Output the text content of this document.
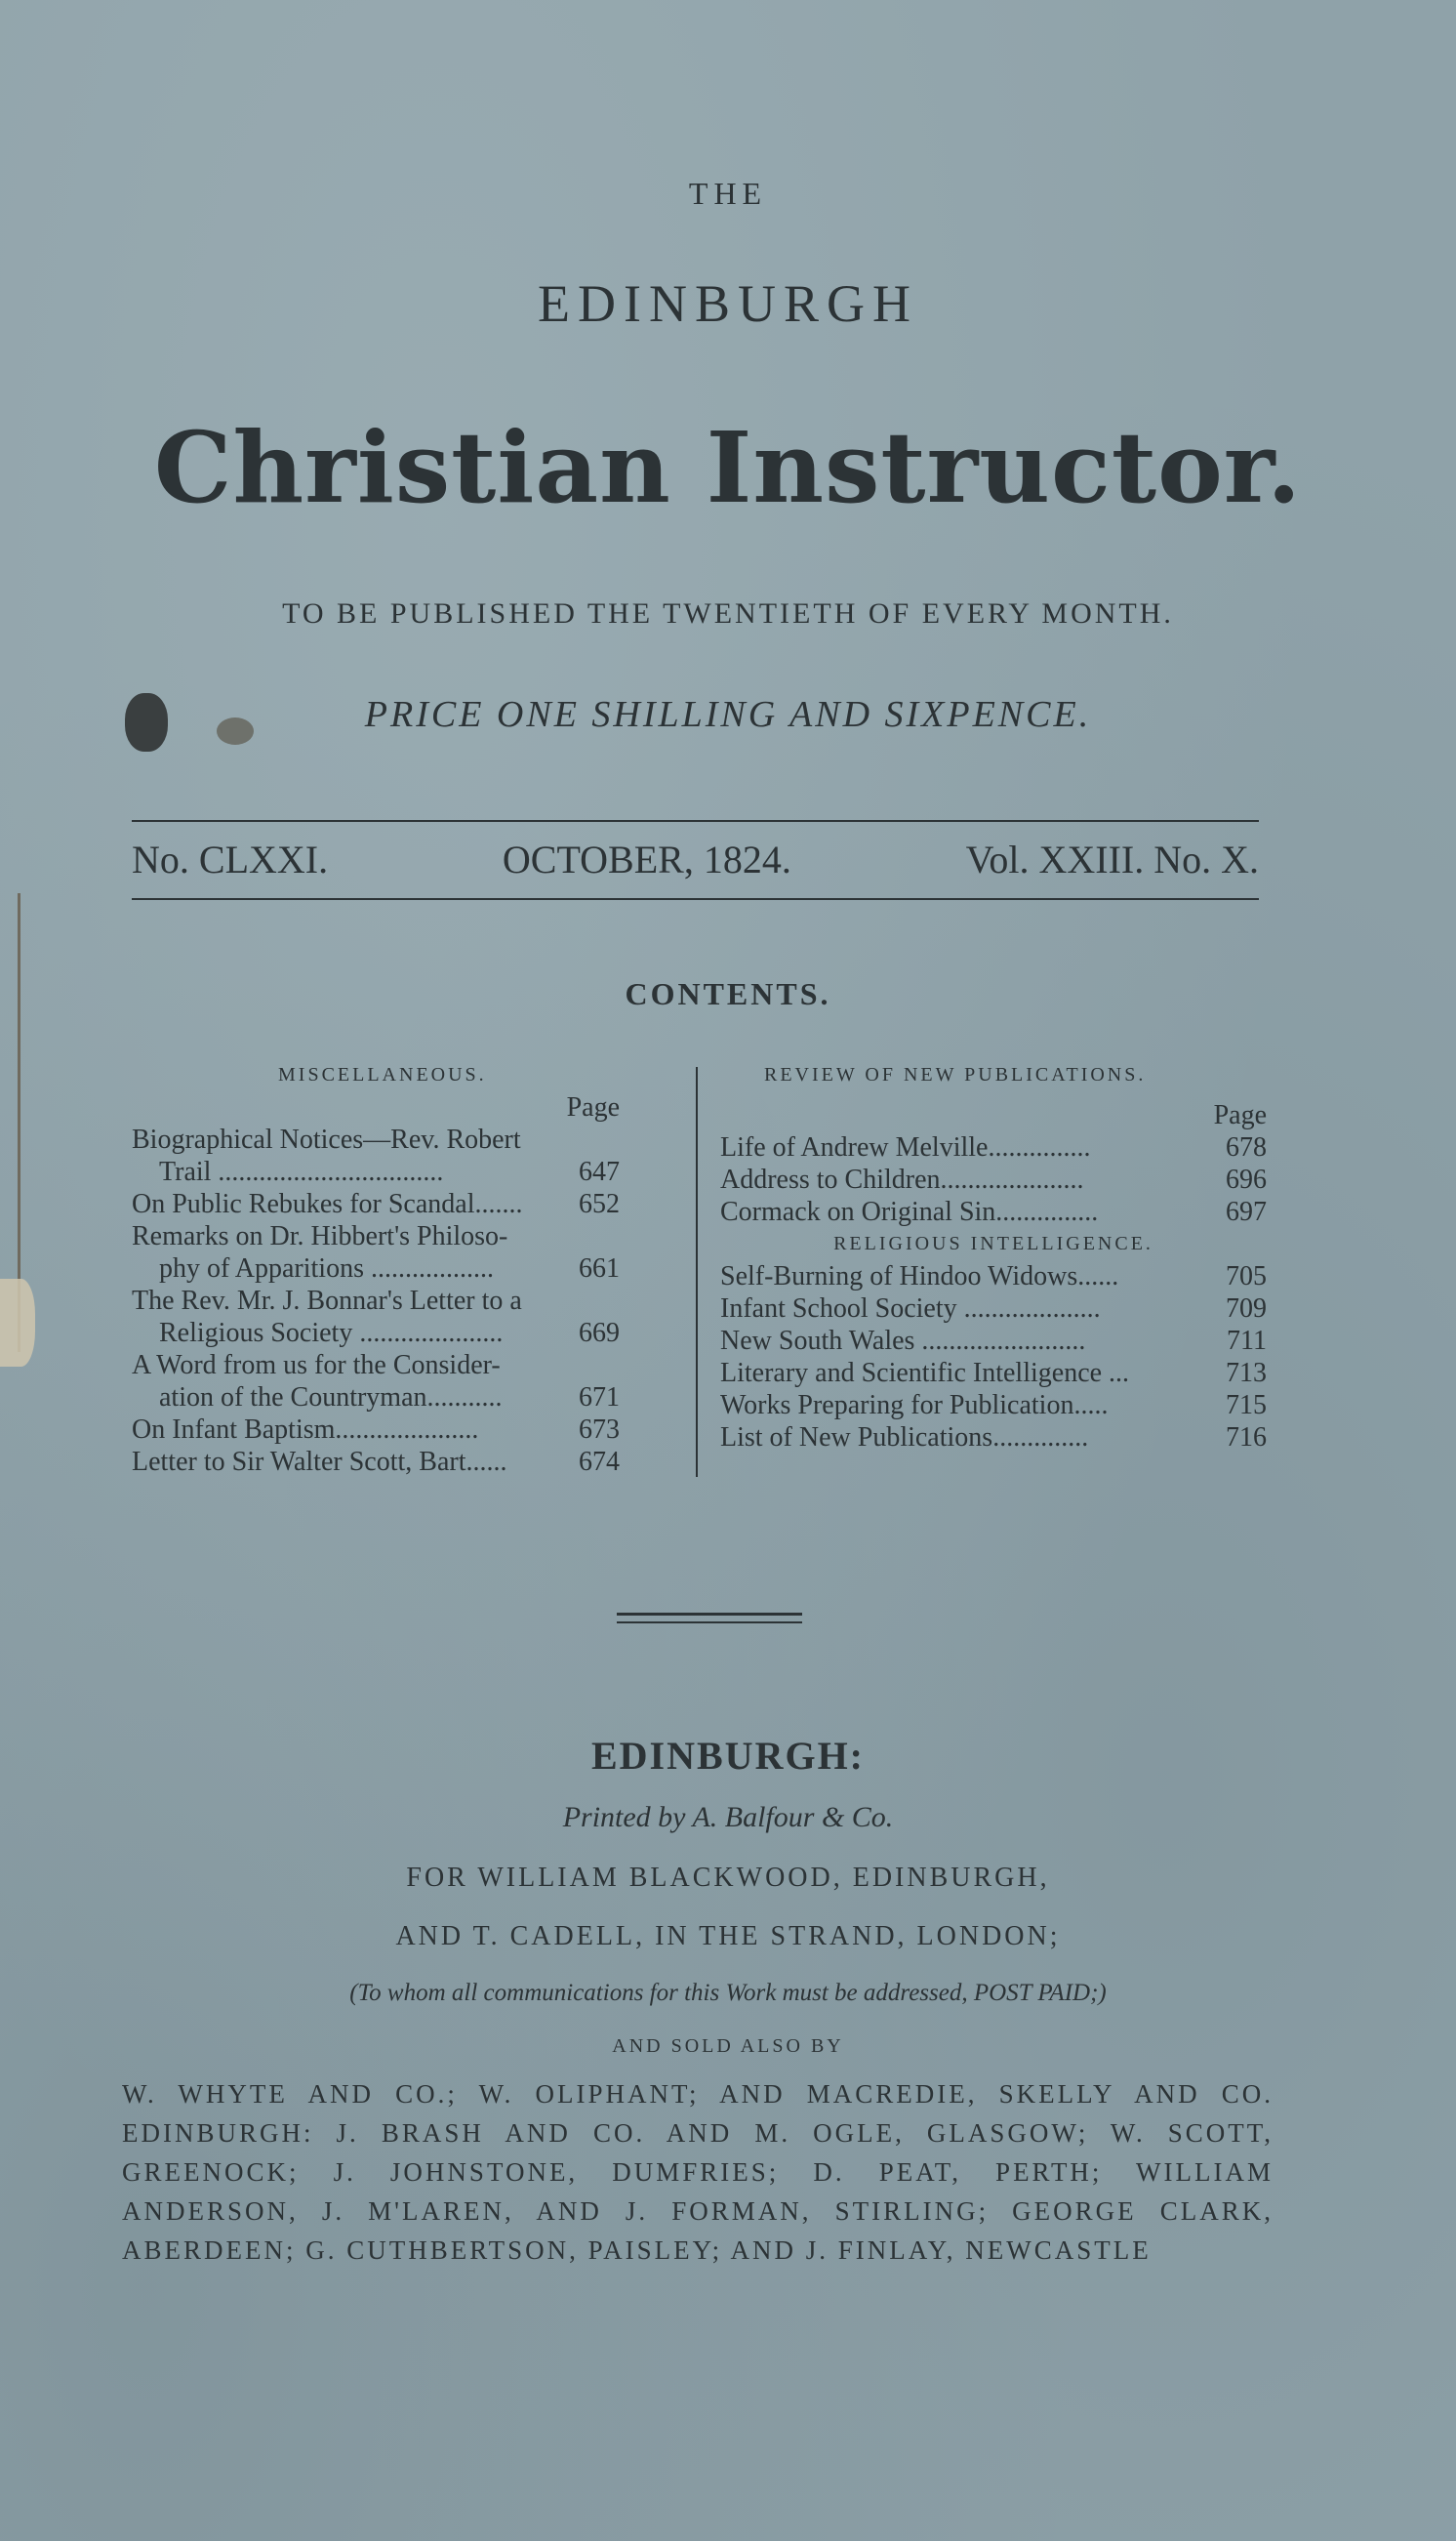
THE
EDINBURGH
Christian Instructor.
TO BE PUBLISHED THE TWENTIETH OF EVERY MONTH.
PRICE ONE SHILLING AND SIXPENCE.
No. CLXXI.	OCTOBER, 1824.	Vol. XXIII. No. X.
CONTENTS.
MISCELLANEOUS.
Page
Biographical Notices—Rev. Robert
Trail .................................	647
On Public Rebukes for Scandal.......	652
Remarks on Dr. Hibbert's Philoso-
phy of Apparitions ..................	661
The Rev. Mr. J. Bonnar's Letter to a
Religious Society .....................	669
A Word from us for the Consider-
ation of the Countryman...........	671
On Infant Baptism.....................	673
Letter to Sir Walter Scott, Bart......	674
REVIEW OF NEW PUBLICATIONS.
Page
Life of Andrew Melville...............	678
Address to Children.....................	696
Cormack on Original Sin...............	697
RELIGIOUS INTELLIGENCE.
Self-Burning of Hindoo Widows......	705
Infant School Society ....................	709
New South Wales ........................	711
Literary and Scientific Intelligence ...	713
Works Preparing for Publication.....	715
List of New Publications..............	716
EDINBURGH:
Printed by A. Balfour & Co.
FOR WILLIAM BLACKWOOD, EDINBURGH,
AND T. CADELL, IN THE STRAND, LONDON;
(To whom all communications for this Work must be addressed, POST PAID;)
AND SOLD ALSO BY
W. WHYTE AND CO.; W. OLIPHANT; AND MACREDIE, SKELLY AND CO. EDINBURGH: J. BRASH AND CO. AND M. OGLE, GLASGOW; W. SCOTT, GREENOCK; J. JOHNSTONE, DUMFRIES; D. PEAT, PERTH; WILLIAM ANDERSON, J. M'LAREN, AND J. FORMAN, STIRLING; GEORGE CLARK, ABERDEEN; G. CUTHBERTSON, PAISLEY; AND J. FINLAY, NEWCASTLE
